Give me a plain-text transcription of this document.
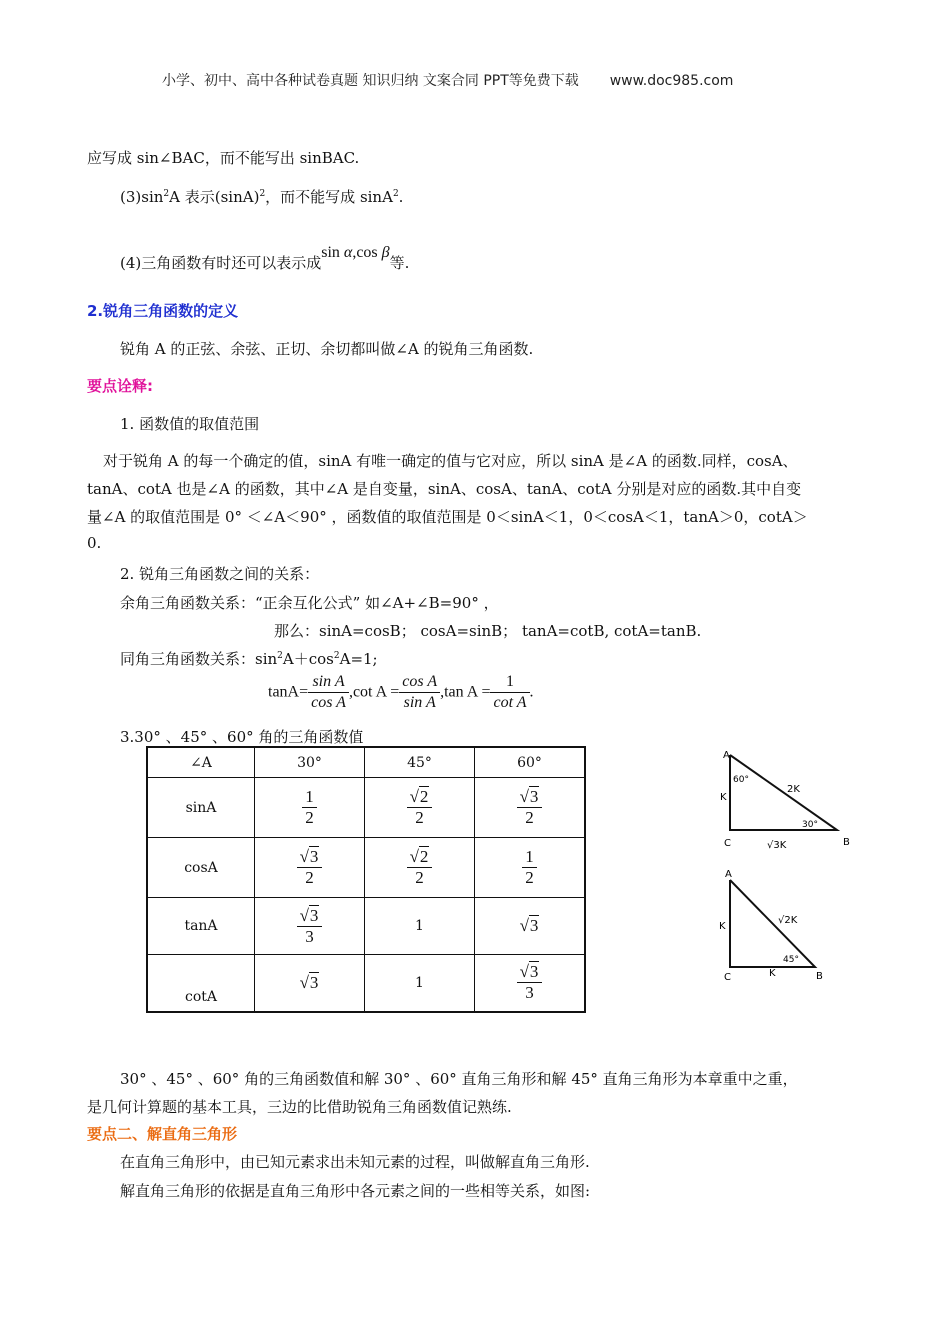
小学、初中、高中各种试卷真题 知识归纳 文案合同 PPT等免费下载 www.doc985.com
应写成 sin∠BAC，而不能写出 sinBAC.
$(3)\sin^2A$ 表示$(\sin A)^2$，而不能写成 sinA$^2$.
(4)三角函数有时还可以表示成sin α,cos β等.
2.锐角三角函数的定义
锐角 A 的正弦、余弦、正切、余切都叫做∠A 的锐角三角函数.
要点诠释:
1. 函数值的取值范围
对于锐角 A 的每一个确定的值，sinA 有唯一确定的值与它对应，所以 sinA 是∠A 的函数.同样，cosA、
tanA、cotA 也是∠A 的函数，其中∠A 是自变量，sinA、cosA、tanA、cotA 分别是对应的函数.其中自变
量∠A 的取值范围是 0° ＜∠A＜90° ，函数值的取值范围是 0＜sinA＜1，0＜cosA＜1，tanA＞0，cotA＞
0.
2. 锐角三角函数之间的关系：
余角三角函数关系：“正余互化公式” 如∠A+∠B=90° ，
那么：sinA=cosB； cosA=sinB； tanA=cotB, cotA=tanB.
同角三角函数关系：$\sin^2A+\cos^2A=1$;
$\tan A= \frac{\text{sin A}}{\text{cos A}} ,\cot$ $A = \frac{\text{cos A}}{\text{sin A}} ,\tan$ $A = \frac{1}{\text{cot A}}$ .
3.30° 、45° 、60° 角的三角函数值
∠A	30°	45°	60°
sinA	$\frac{1}{2}$	$\frac{√2}{2}$	$\frac{√3}{2}$

cosA	$\frac{√3}{2}$	$\frac{√2}{2}$	$\frac{1}{2}$

tanA	$\frac{√3}{3}$	1	√3
cotA	√3	1	$\frac{√3}{3}$
A
60°
2K
K
30°
C	√3K	B
A
K
√2K
45°
C	K	B
30° 、45° 、60° 角的三角函数值和解 30° 、60° 直角三角形和解 45° 直角三角形为本章重中之重，
是几何计算题的基本工具，三边的比借助锐角三角函数值记熟练.
要点二、解直角三角形
在直角三角形中，由已知元素求出未知元素的过程，叫做解直角三角形.
解直角三角形的依据是直角三角形中各元素之间的一些相等关系，如图:
